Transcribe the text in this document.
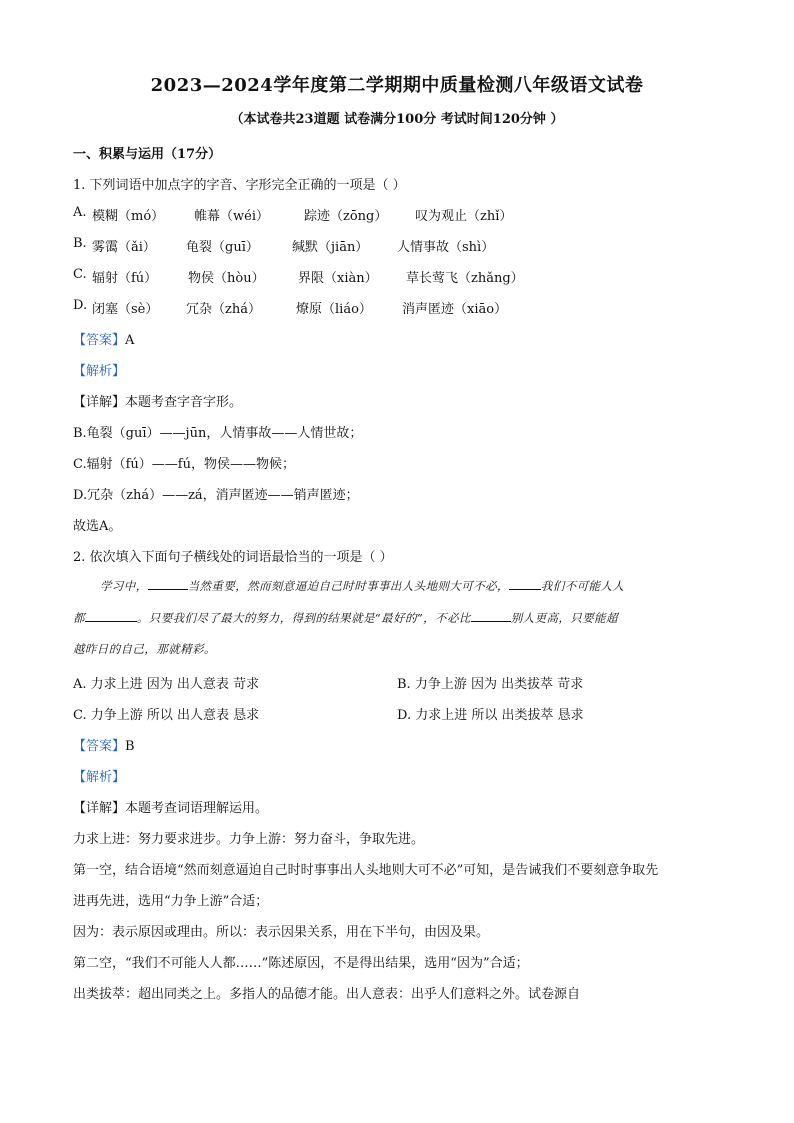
2023—2024学年度第二学期期中质量检测八年级语文试卷
（本试卷共23道题 试卷满分100分 考试时间120分钟 ）
一、积累与运用（17分）
1. 下列词语中加点字的字音、字形完全正确的一项是（ ）
A. 模糊（mó） 帷幕（wéi）	踪迹（zōng） 叹为观止（zhǐ）
B. 雾霭（ǎi） 龟裂（guī）	缄默（jiān） 人情事故（shì）
C. 辐射（fú） 物侯（hòu）	界限（xiàn） 草长莺飞（zhǎng）
D. 闭塞（sè） 冗杂（zhá）	燎原（liáo） 消声匿迹（xiāo）
【答案】A
【解析】
【详解】本题考查字音字形。
B.龟裂（guī）——jūn，人情事故——人情世故；
C.辐射（fú）——fú，物侯——物候；
D.冗杂（zhá）——zá，消声匿迹——销声匿迹；
故选A。
2. 依次填入下面句子横线处的词语最恰当的一项是（ ）
学习中，	当然重要，然而刻意逼迫自己时时事事出人头地则大可不必，	我们不可能人人
都	。只要我们尽了最大的努力，得到的结果就是“最好的”，不必比	别人更高，只要能超
越昨日的自己，那就精彩。
A. 力求上进 因为 出人意表 苛求	B. 力争上游 因为 出类拔萃 苛求
C. 力争上游 所以 出人意表 恳求	D. 力求上进 所以 出类拔萃 恳求
【答案】B
【解析】
【详解】本题考查词语理解运用。
力求上进：努力要求进步。力争上游：努力奋斗，争取先进。
第一空，结合语境“然而刻意逼迫自己时时事事出人头地则大可不必”可知，是告诫我们不要刻意争取先
进再先进，选用“力争上游”合适；
因为：表示原因或理由。所以：表示因果关系，用在下半句，由因及果。
第二空，“我们不可能人人都……”陈述原因，不是得出结果，选用“因为”合适；
出类拔萃：超出同类之上。多指人的品德才能。出人意表：出乎人们意料之外。试卷源自
